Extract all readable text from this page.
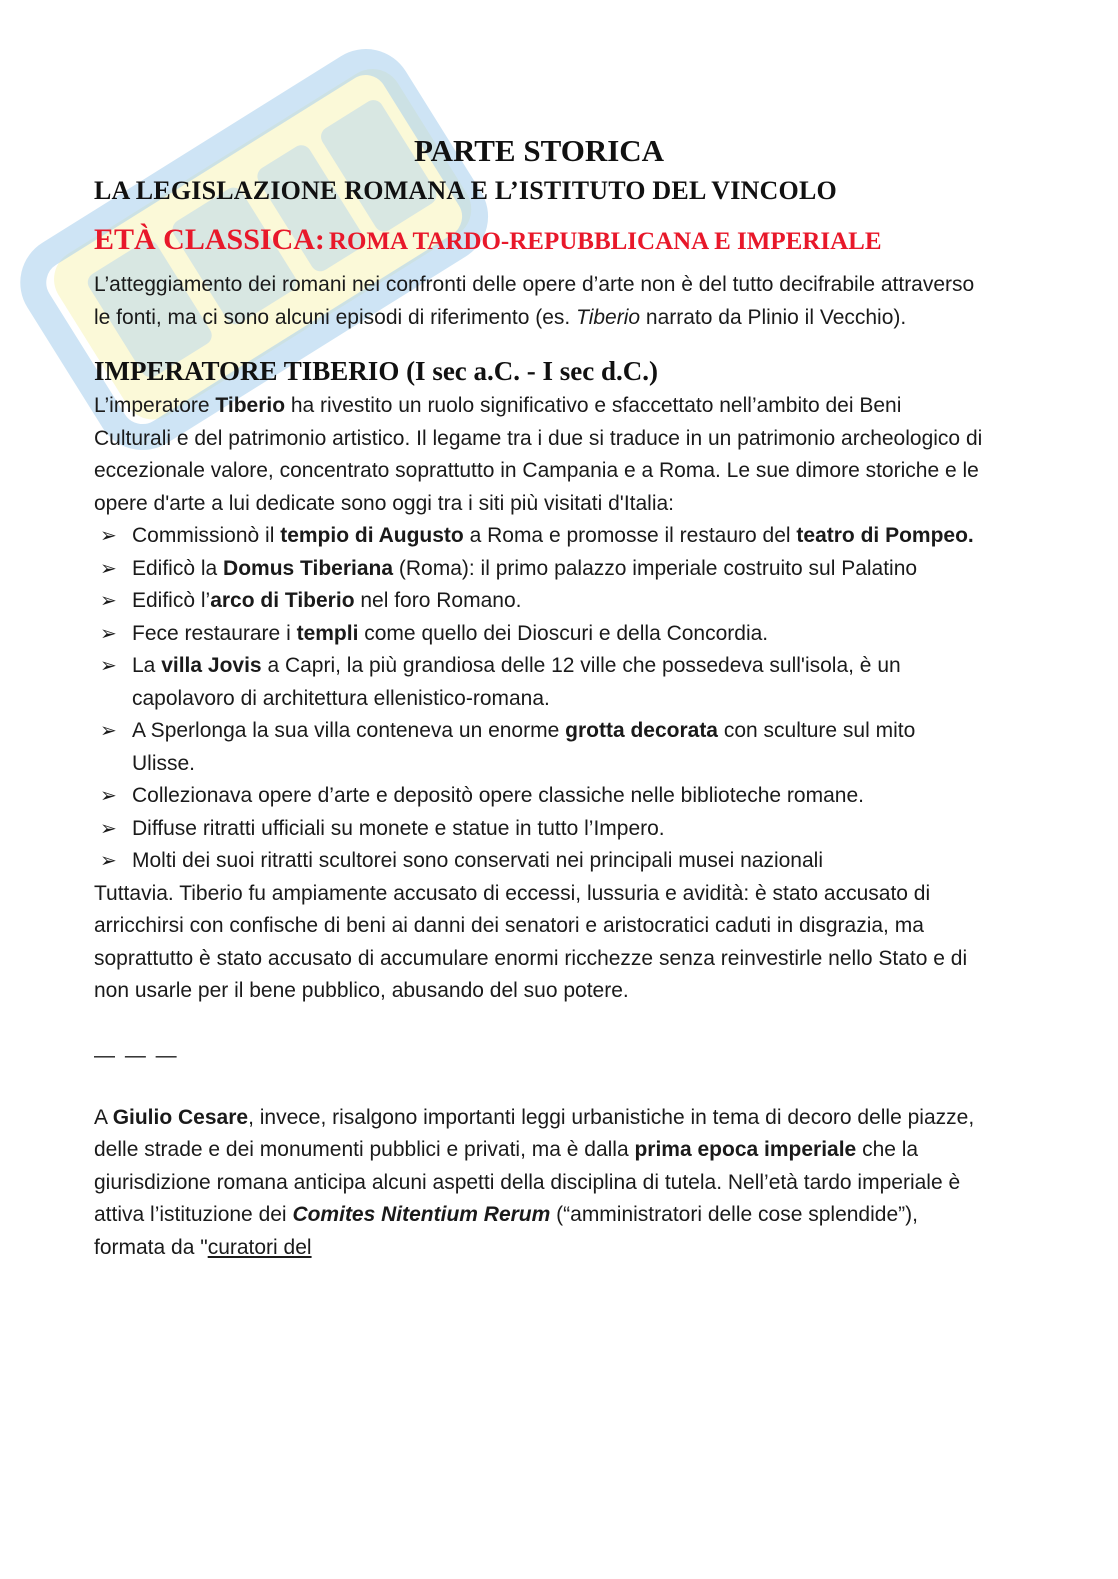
PARTE STORICA
LA LEGISLAZIONE ROMANA E L’ISTITUTO DEL VINCOLO
ETÀ CLASSICA: ROMA TARDO-REPUBBLICANA E IMPERIALE

L’atteggiamento dei romani nei confronti delle opere d’arte non è del tutto decifrabile attraverso le fonti, ma ci sono alcuni episodi di riferimento (es. Tiberio narrato da Plinio il Vecchio).

IMPERATORE TIBERIO (I sec a.C. - I sec d.C.)

L’imperatore Tiberio ha rivestito un ruolo significativo e sfaccettato nell’ambito dei Beni Culturali e del patrimonio artistico. Il legame tra i due si traduce in un patrimonio archeologico di eccezionale valore, concentrato soprattutto in Campania e a Roma. Le sue dimore storiche e le opere d'arte a lui dedicate sono oggi tra i siti più visitati d'Italia:

➢ Commissionò il tempio di Augusto a Roma e promosse il restauro del teatro di Pompeo.
➢ Edificò la Domus Tiberiana (Roma): il primo palazzo imperiale costruito sul Palatino
➢ Edificò l’arco di Tiberio nel foro Romano.
➢ Fece restaurare i templi come quello dei Dioscuri e della Concordia.
➢ La villa Jovis a Capri, la più grandiosa delle 12 ville che possedeva sull'isola, è un capolavoro di architettura ellenistico-romana.
➢ A Sperlonga la sua villa conteneva un enorme grotta decorata con sculture sul mito Ulisse.
➢ Collezionava opere d’arte e depositò opere classiche nelle biblioteche romane.
➢ Diffuse ritratti ufficiali su monete e statue in tutto l’Impero.
➢ Molti dei suoi ritratti scultorei sono conservati nei principali musei nazionali

Tuttavia. Tiberio fu ampiamente accusato di eccessi, lussuria e avidità: è stato accusato di arricchirsi con confische di beni ai danni dei senatori e aristocratici caduti in disgrazia, ma soprattutto è stato accusato di accumulare enormi ricchezze senza reinvestirle nello Stato e di non usarle per il bene pubblico, abusando del suo potere.

— — —

A Giulio Cesare, invece, risalgono importanti leggi urbanistiche in tema di decoro delle piazze, delle strade e dei monumenti pubblici e privati, ma è dalla prima epoca imperiale che la giurisdizione romana anticipa alcuni aspetti della disciplina di tutela. Nell’età tardo imperiale è attiva l’istituzione dei Comites Nitentium Rerum (“amministratori delle cose splendide”), formata da "curatori del
